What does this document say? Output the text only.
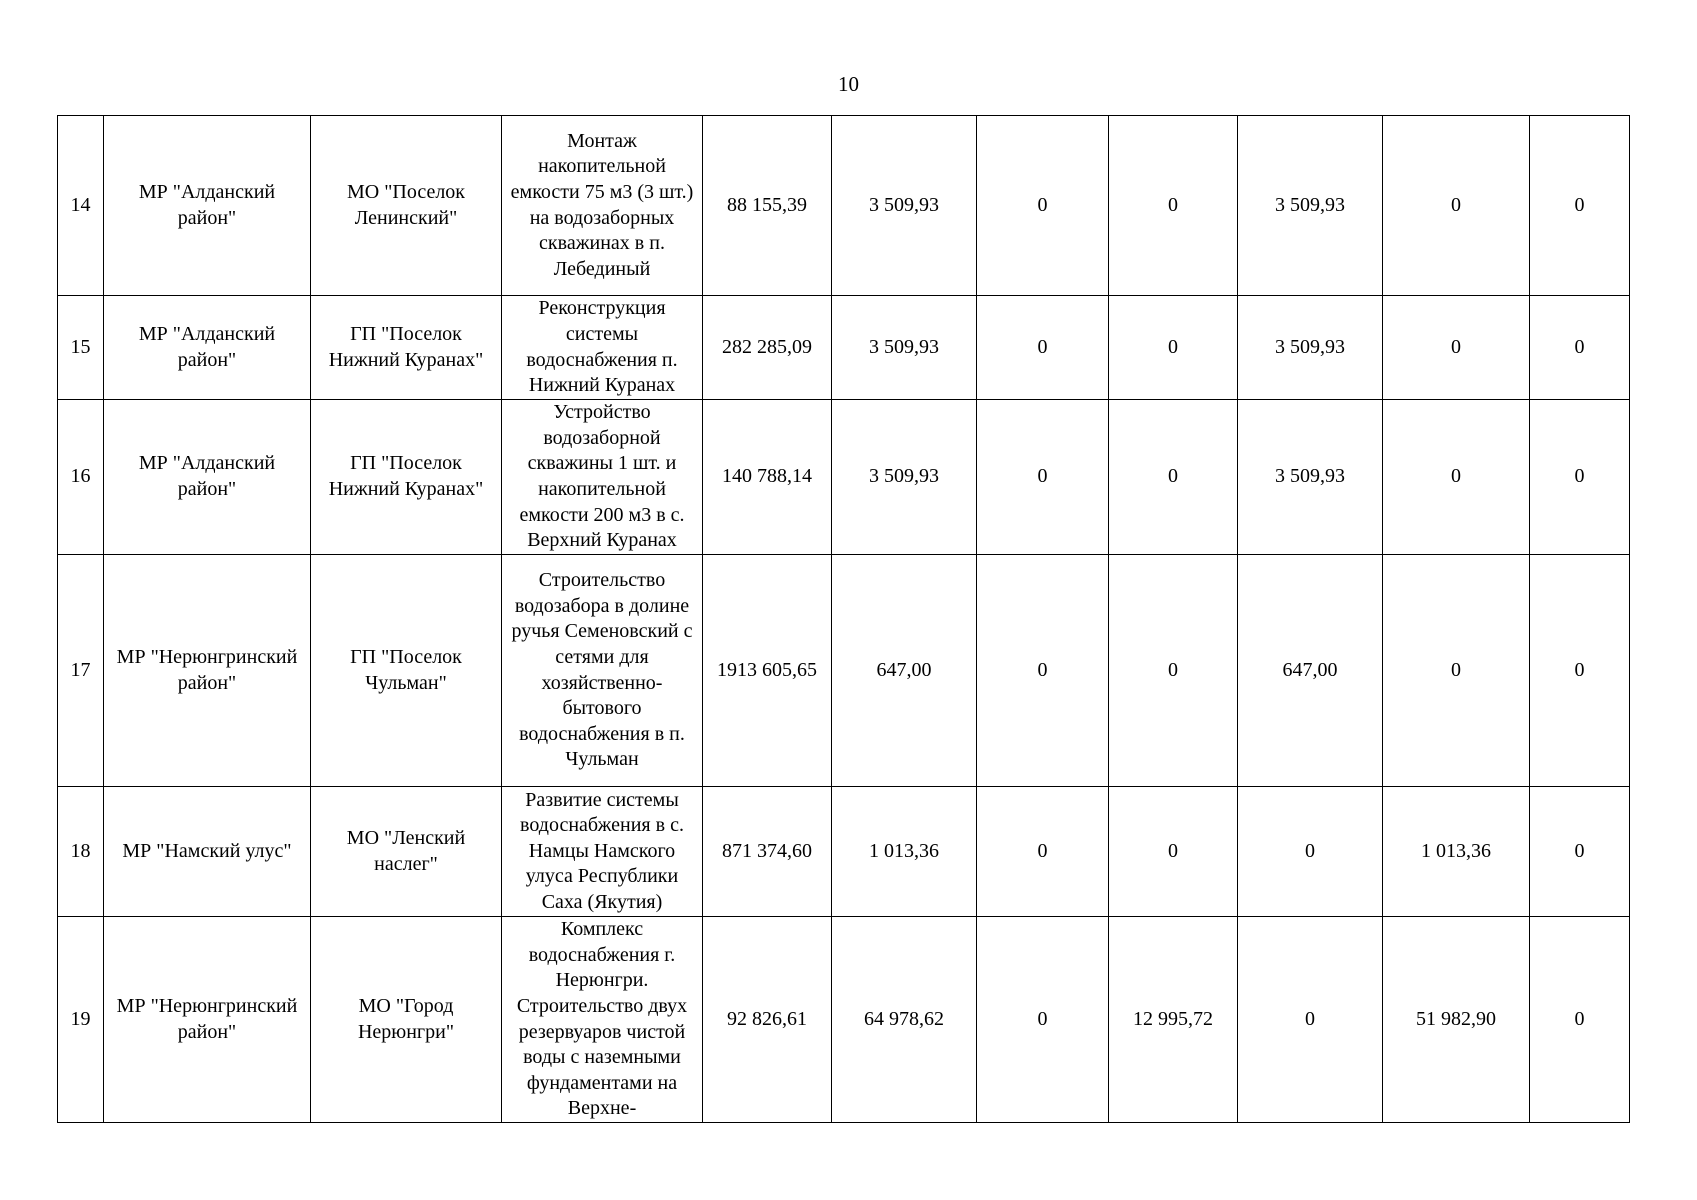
10
14	МР "Алданский район"	МО "Поселок Ленинский"	Монтаж накопительной емкости 75 м3 (3 шт.) на водозаборных скважинах в п. Лебединый	88 155,39	3 509,93	0	0	3 509,93	0	0
15	МР "Алданский район"	ГП "Поселок Нижний Куранах"	Реконструкция системы водоснабжения п. Нижний Куранах	282 285,09	3 509,93	0	0	3 509,93	0	0
16	МР "Алданский район"	ГП "Поселок Нижний Куранах"	Устройство водозаборной скважины 1 шт. и накопительной емкости 200 м3 в с. Верхний Куранах	140 788,14	3 509,93	0	0	3 509,93	0	0
17	МР "Нерюнгринский район"	ГП "Поселок Чульман"	Строительство водозабора в долине ручья Семеновский с сетями для хозяйственно-бытового водоснабжения в п. Чульман	1913 605,65	647,00	0	0	647,00	0	0
18	МР "Намский улус"	МО "Ленский наслег"	Развитие системы водоснабжения в с. Намцы Намского улуса Республики Саха (Якутия)	871 374,60	1 013,36	0	0	0	1 013,36	0
19	МР "Нерюнгринский район"	МО "Город Нерюнгри"	Комплекс водоснабжения г. Нерюнгри. Строительство двух резервуаров чистой воды с наземными фундаментами на Верхне-	92 826,61	64 978,62	0	12 995,72	0	51 982,90	0
